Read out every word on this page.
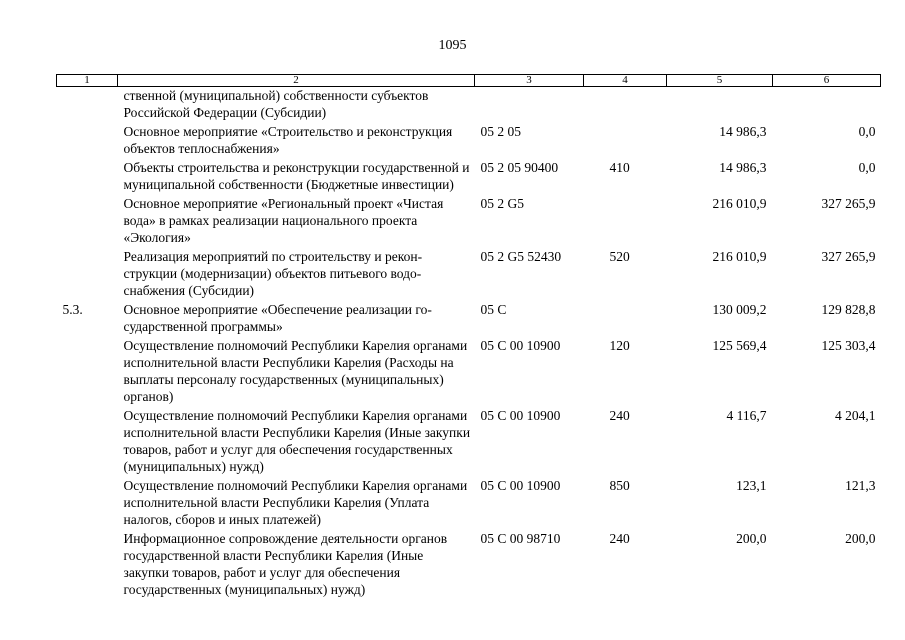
1095
1	2	3	4	5	6
	ственной (муниципальной) собственности субъектов Российской Федерации (Субсидии)				
	Основное мероприятие «Строительство и реконструкция объектов теплоснабжения»	05 2 05		14 986,3	0,0
	Объекты строительства и реконструкции государственной и муниципальной собственности (Бюджетные инвестиции)	05 2 05 90400	410	14 986,3	0,0
	Основное мероприятие «Региональный проект «Чистая вода» в рамках реализации национального проекта «Экология»	05 2 G5		216 010,9	327 265,9
	Реализация мероприятий по строительству и реконструкции (модернизации) объектов питьевого водоснабжения (Субсидии)	05 2 G5 52430	520	216 010,9	327 265,9
5.3.	Основное мероприятие «Обеспечение реализации государственной программы»	05 С		130 009,2	129 828,8
	Осуществление полномочий Республики Карелия органами исполнительной власти Республики Карелия (Расходы на выплаты персоналу государственных (муниципальных) органов)	05 С 00 10900	120	125 569,4	125 303,4
	Осуществление полномочий Республики Карелия органами исполнительной власти Республики Карелия (Иные закупки товаров, работ и услуг для обеспечения государственных (муниципальных) нужд)	05 С 00 10900	240	4 116,7	4 204,1
	Осуществление полномочий Республики Карелия органами исполнительной власти Республики Карелия (Уплата налогов, сборов и иных платежей)	05 С 00 10900	850	123,1	121,3
	Информационное сопровождение деятельности органов государственной власти Республики Карелия (Иные закупки товаров, работ и услуг для обеспечения государственных (муниципальных) нужд)	05 С 00 98710	240	200,0	200,0
